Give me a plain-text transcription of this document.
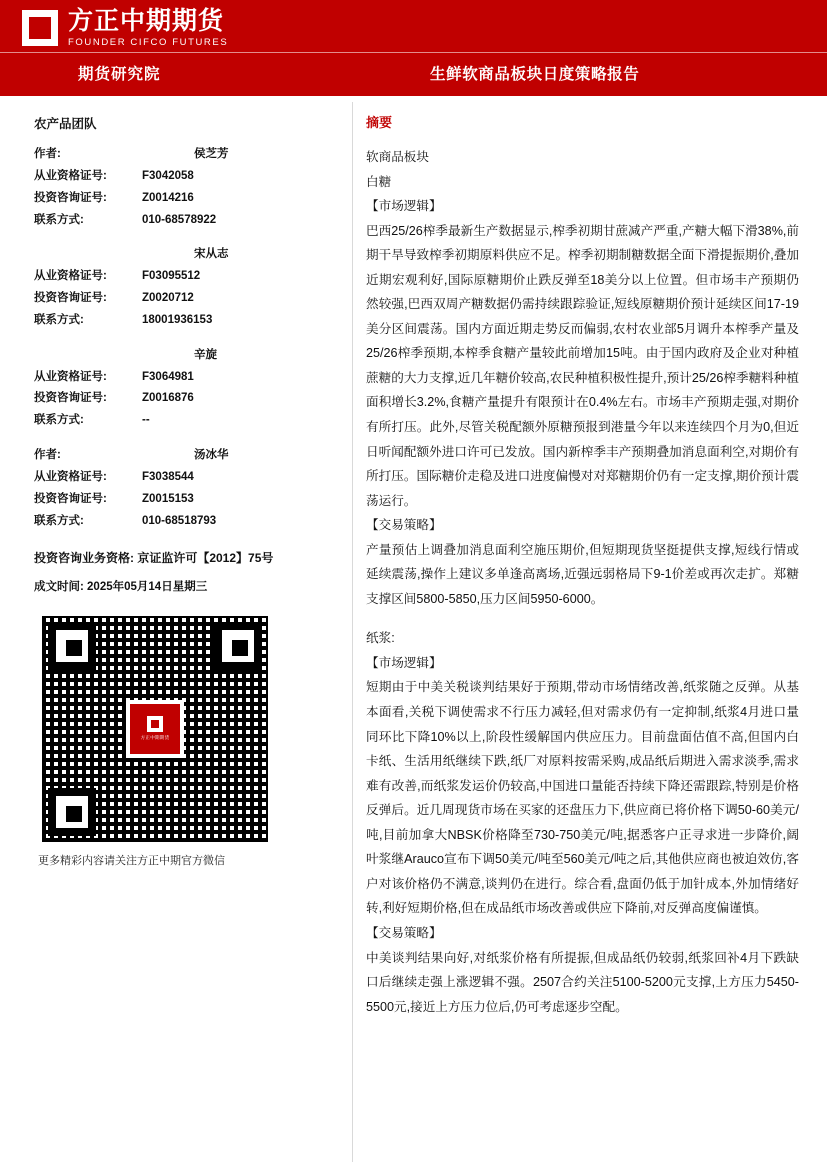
方正中期期货
FOUNDER CIFCO FUTURES
期货研究院	生鲜软商品板块日度策略报告
农产品团队
作者:	侯芝芳
从业资格证号:	F3042058
投资咨询证号:	Z0014216
联系方式:	010-68578922
宋从志
从业资格证号:	F03095512
投资咨询证号:	Z0020712
联系方式:	18001936153
辛旋
从业资格证号:	F3064981
投资咨询证号:	Z0016876
联系方式:	--
作者:	汤冰华
从业资格证号:	F3038544
投资咨询证号:	Z0015153
联系方式:	010-68518793
投资咨询业务资格: 京证监许可【2012】75号
成文时间: 2025年05月14日星期三
方正中期期货
更多精彩内容请关注方正中期官方微信
摘要

软商品板块

白糖

【市场逻辑】

巴西25/26榨季最新生产数据显示,榨季初期甘蔗减产严重,产糖大幅下滑38%,前期干旱导致榨季初期原料供应不足。榨季初期制糖数据全面下滑提振期价,叠加近期宏观利好,国际原糖期价止跌反弹至18美分以上位置。但市场丰产预期仍然较强,巴西双周产糖数据仍需持续跟踪验证,短线原糖期价预计延续区间17-19美分区间震荡。国内方面近期走势反而偏弱,农村农业部5月调升本榨季产量及25/26榨季预期,本榨季食糖产量较此前增加15吨。由于国内政府及企业对种植蔗糖的大力支撑,近几年糖价较高,农民种植积极性提升,预计25/26榨季糖料种植面积增长3.2%,食糖产量提升有限预计在0.4%左右。市场丰产预期走强,对期价有所打压。此外,尽管关税配额外原糖预报到港量今年以来连续四个月为0,但近日听闻配额外进口许可已发放。国内新榨季丰产预期叠加消息面利空,对期价有所打压。国际糖价走稳及进口进度偏慢对对郑糖期价仍有一定支撑,期价预计震荡运行。

【交易策略】

产量预估上调叠加消息面利空施压期价,但短期现货坚挺提供支撑,短线行情或延续震荡,操作上建议多单逢高离场,近强远弱格局下9-1价差或再次走扩。郑糖支撑区间5800-5850,压力区间5950-6000。

纸浆:

【市场逻辑】

短期由于中美关税谈判结果好于预期,带动市场情绪改善,纸浆随之反弹。从基本面看,关税下调使需求不行压力减轻,但对需求仍有一定抑制,纸浆4月进口量同环比下降10%以上,阶段性缓解国内供应压力。目前盘面估值不高,但国内白卡纸、生活用纸继续下跌,纸厂对原料按需采购,成品纸后期进入需求淡季,需求难有改善,而纸浆发运价仍较高,中国进口量能否持续下降还需跟踪,特别是价格反弹后。近几周现货市场在买家的还盘压力下,供应商已将价格下调50-60美元/吨,目前加拿大NBSK价格降至730-750美元/吨,据悉客户正寻求进一步降价,阔叶浆继Arauco宣布下调50美元/吨至560美元/吨之后,其他供应商也被迫效仿,客户对该价格仍不满意,谈判仍在进行。综合看,盘面仍低于加针成本,外加情绪好转,利好短期价格,但在成品纸市场改善或供应下降前,对反弹高度偏谨慎。

【交易策略】

中美谈判结果向好,对纸浆价格有所提振,但成品纸仍较弱,纸浆回补4月下跌缺口后继续走强上涨逻辑不强。2507合约关注5100-5200元支撑,上方压力5450-5500元,接近上方压力位后,仍可考虑逐步空配。
